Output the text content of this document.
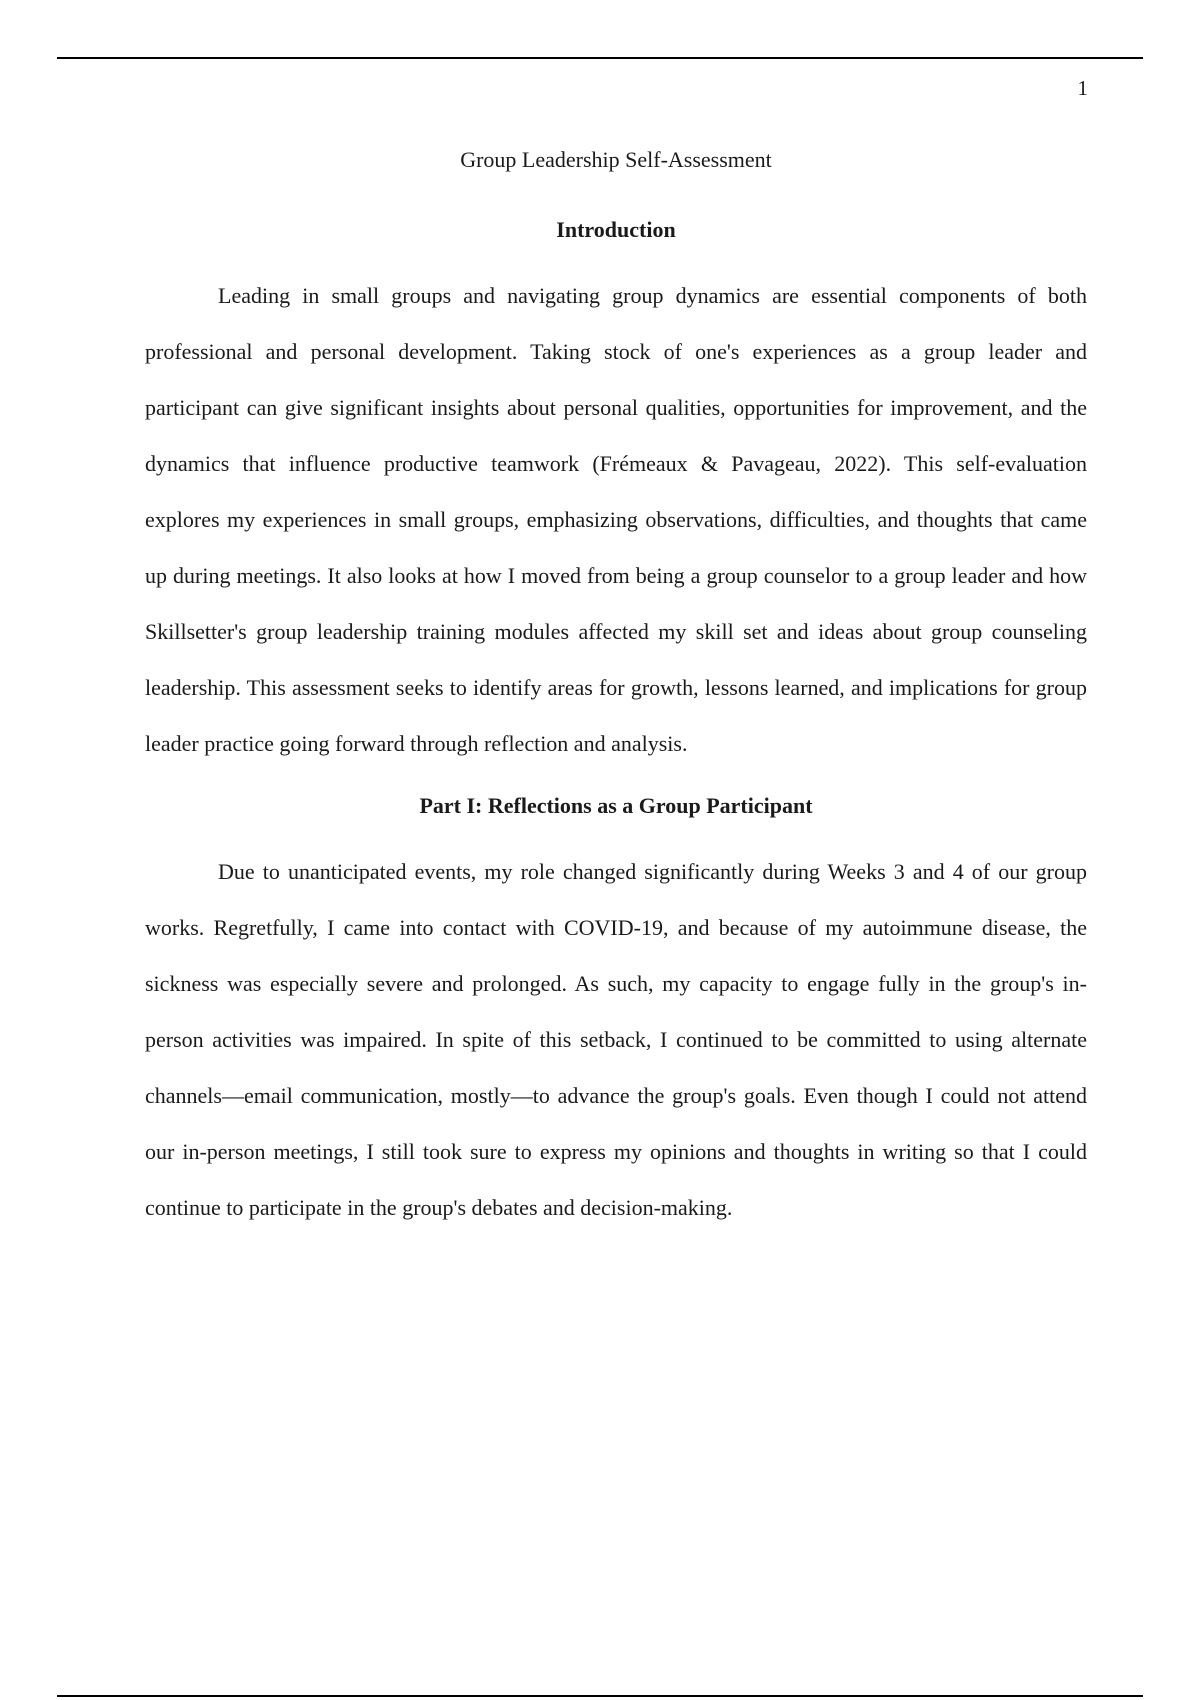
1
Group Leadership Self-Assessment
Introduction

Leading in small groups and navigating group dynamics are essential components of both professional and personal development. Taking stock of one's experiences as a group leader and participant can give significant insights about personal qualities, opportunities for improvement, and the dynamics that influence productive teamwork (Frémeaux & Pavageau, 2022). This self-evaluation explores my experiences in small groups, emphasizing observations, difficulties, and thoughts that came up during meetings. It also looks at how I moved from being a group counselor to a group leader and how Skillsetter's group leadership training modules affected my skill set and ideas about group counseling leadership. This assessment seeks to identify areas for growth, lessons learned, and implications for group leader practice going forward through reflection and analysis.

Part I: Reflections as a Group Participant

Due to unanticipated events, my role changed significantly during Weeks 3 and 4 of our group works. Regretfully, I came into contact with COVID-19, and because of my autoimmune disease, the sickness was especially severe and prolonged. As such, my capacity to engage fully in the group's in-person activities was impaired. In spite of this setback, I continued to be committed to using alternate channels—email communication, mostly—to advance the group's goals. Even though I could not attend our in-person meetings, I still took sure to express my opinions and thoughts in writing so that I could continue to participate in the group's debates and decision-making.
